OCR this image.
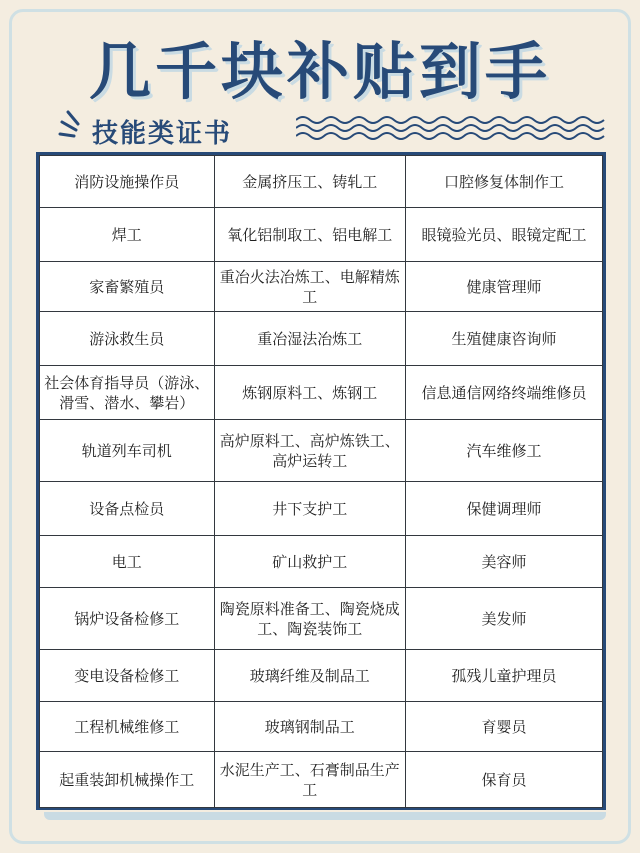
几千块补贴到手
技能类证书
消防设施操作员	金属挤压工、铸轧工	口腔修复体制作工
焊工	氧化铝制取工、铝电解工	眼镜验光员、眼镜定配工
家畜繁殖员	重冶火法冶炼工、电解精炼工	健康管理师
游泳救生员	重冶湿法冶炼工	生殖健康咨询师
社会体育指导员（游泳、滑雪、潜水、攀岩）	炼钢原料工、炼钢工	信息通信网络终端维修员
轨道列车司机	高炉原料工、高炉炼铁工、高炉运转工	汽车维修工
设备点检员	井下支护工	保健调理师
电工	矿山救护工	美容师
锅炉设备检修工	陶瓷原料准备工、陶瓷烧成工、陶瓷装饰工	美发师
变电设备检修工	玻璃纤维及制品工	孤残儿童护理员
工程机械维修工	玻璃钢制品工	育婴员
起重装卸机械操作工	水泥生产工、石膏制品生产工	保育员
